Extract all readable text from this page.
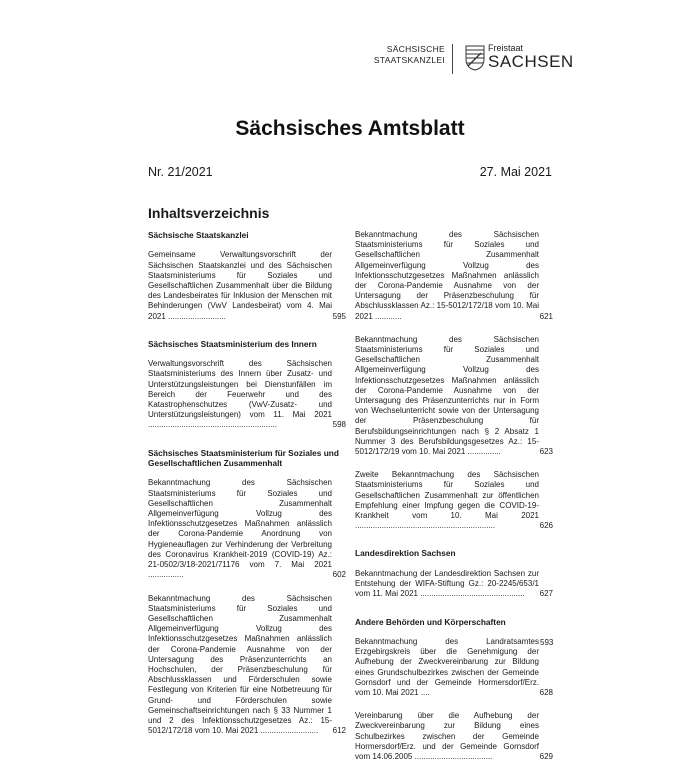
SÄCHSISCHE
STAATSKANZLEI
Freistaat
SACHSEN
Sächsisches Amtsblatt
Nr. 21/2021	27. Mai 2021
Inhaltsverzeichnis
Sächsische Staatskanzlei
Gemeinsame Verwaltungsvorschrift der Sächsischen Staatskanzlei und des Sächsischen Staatsministeriums für Soziales und Gesellschaftlichen Zusammenhalt über die Bildung des Landesbeirates für Inklusion der Menschen mit Behinderungen (VwV Landesbeirat) vom 4. Mai 2021 ..........................	595
Sächsisches Staatsministerium des Innern
Verwaltungsvorschrift des Sächsischen Staatsministeriums des Innern über Zusatz- und Unterstützungsleistungen bei Dienstunfällen im Bereich der Feuerwehr und des Katastrophenschutzes (VwV-Zusatz- und Unterstützungsleistungen) vom 11. Mai 2021 ..........................................................	598
Sächsisches Staatsministerium für Soziales und Gesellschaftlichen Zusammenhalt
Bekanntmachung des Sächsischen Staatsministeriums für Soziales und Gesellschaftlichen Zusammenhalt Allgemeinverfügung Vollzug des Infektionsschutzgesetzes Maßnahmen anlässlich der Corona-Pandemie Anordnung von Hygieneauflagen zur Verhinderung der Verbreitung des Coronavirus Krankheit-2019 (COVID-19) Az.: 21-0502/3/18-2021/71176 vom 7. Mai 2021 ................	602
Bekanntmachung des Sächsischen Staatsministeriums für Soziales und Gesellschaftlichen Zusammenhalt Allgemeinverfügung Vollzug des Infektionsschutzgesetzes Maßnahmen anlässlich der Corona-Pandemie Ausnahme von der Untersagung des Präsenzunterrichts an Hochschulen, der Präsenzbeschulung für Abschlussklassen und Förderschulen sowie Festlegung von Kriterien für eine Notbetreuung für Grund- und Förderschulen sowie Gemeinschaftseinrichtungen nach § 33 Nummer 1 und 2 des Infektionsschutzgesetzes Az.: 15-5012/172/18 vom 10. Mai 2021 ..........................	612
Bekanntmachung des Sächsischen Staatsministeriums für Soziales und Gesellschaftlichen Zusammenhalt Allgemeinverfügung Vollzug des Infektionsschutzgesetzes Maßnahmen anlässlich der Corona-Pandemie Ausnahme von der Untersagung der Präsenzbeschulung für Abschlussklassen Az.: 15-5012/172/18 vom 10. Mai 2021 ............	621
Bekanntmachung des Sächsischen Staatsministeriums für Soziales und Gesellschaftlichen Zusammenhalt Allgemeinverfügung Vollzug des Infektionsschutzgesetzes Maßnahmen anlässlich der Corona-Pandemie Ausnahme von der Untersagung des Präsenzunterrichts nur in Form von Wechselunterricht sowie von der Untersagung der Präsenzbeschulung für Berufsbildungseinrichtungen nach § 2 Absatz 1 Nummer 3 des Berufsbildungsgesetzes Az.: 15-5012/172/19 vom 10. Mai 2021 ...............	623
Zweite Bekanntmachung des Sächsischen Staatsministeriums für Soziales und Gesellschaftlichen Zusammenhalt zur öffentlichen Empfehlung einer Impfung gegen die COVID-19-Krankheit vom 10. Mai 2021 ...............................................................	626
Landesdirektion Sachsen
Bekanntmachung der Landesdirektion Sachsen zur Entstehung der WIFA-Stiftung Gz.: 20-2245/653/1 vom 11. Mai 2021 ...............................................	627
Andere Behörden und Körperschaften
Bekanntmachung des Landratsamtes Erzgebirgskreis über die Genehmigung der Aufhebung der Zweckvereinbarung zur Bildung eines Grundschulbezirkes zwischen der Gemeinde Gornsdorf und der Gemeinde Hormersdorf/Erz. vom 10. Mai 2021 ....	628
Vereinbarung über die Aufhebung der Zweckvereinbarung zur Bildung eines Schulbezirkes zwischen der Gemeinde Hormersdorf/Erz. und der Gemeinde Gornsdorf vom 14.06.2005 ...................................	629
593
